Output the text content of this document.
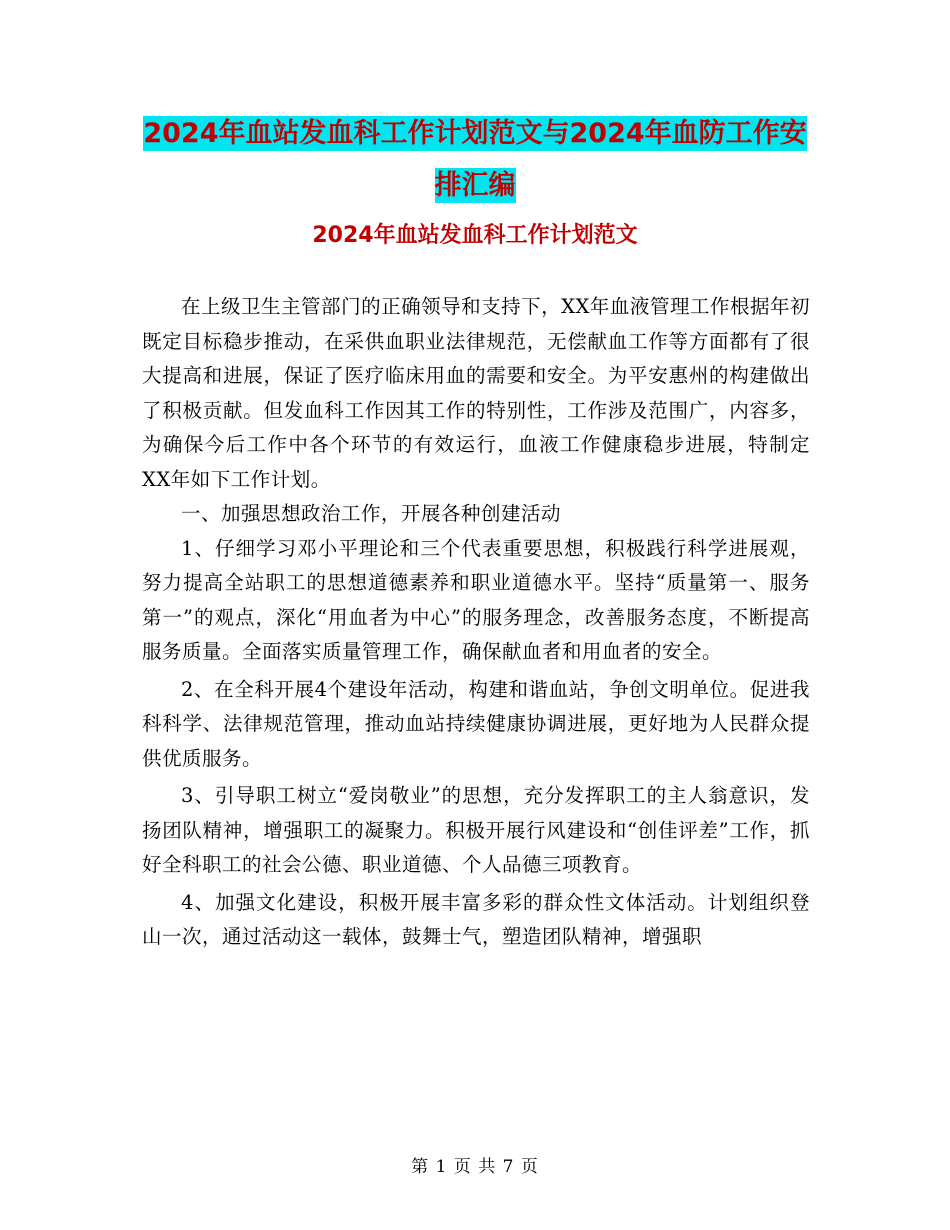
2024年血站发血科工作计划范文与2024年血防工作安
排汇编
2024年血站发血科工作计划范文

在上级卫生主管部门的正确领导和支持下，XX年血液管理工作根据年初既定目标稳步推动，在采供血职业法律规范，无偿献血工作等方面都有了很大提高和进展，保证了医疗临床用血的需要和安全。为平安惠州的构建做出了积极贡献。但发血科工作因其工作的特别性，工作涉及范围广，内容多，为确保今后工作中各个环节的有效运行，血液工作健康稳步进展，特制定XX年如下工作计划。

一、加强思想政治工作，开展各种创建活动

1、仔细学习邓小平理论和三个代表重要思想，积极践行科学进展观，努力提高全站职工的思想道德素养和职业道德水平。坚持“质量第一、服务第一”的观点，深化“用血者为中心”的服务理念，改善服务态度，不断提高服务质量。全面落实质量管理工作，确保献血者和用血者的安全。

2、在全科开展4个建设年活动，构建和谐血站，争创文明单位。促进我科科学、法律规范管理，推动血站持续健康协调进展，更好地为人民群众提供优质服务。

3、引导职工树立“爱岗敬业”的思想，充分发挥职工的主人翁意识，发扬团队精神，增强职工的凝聚力。积极开展行风建设和“创佳评差”工作，抓好全科职工的社会公德、职业道德、个人品德三项教育。

4、加强文化建设，积极开展丰富多彩的群众性文体活动。计划组织登山一次，通过活动这一载体，鼓舞士气，塑造团队精神，增强职

第 1 页 共 7 页
